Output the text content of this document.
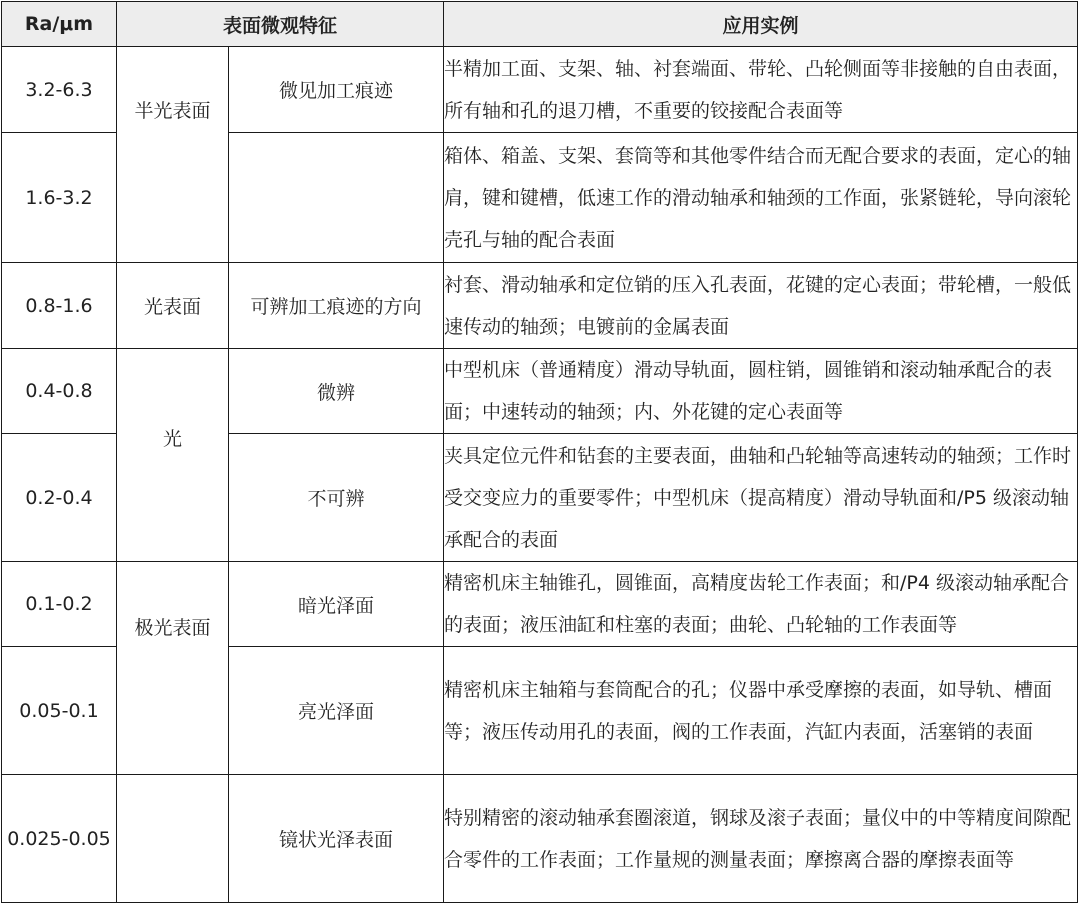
Ra/μm	表面微观特征		应用实例
3.2-6.3	半光表面	微见加工痕迹	半精加工面、支架、轴、衬套端面、带轮、凸轮侧面等非接触的自由表面，所有轴和孔的退刀槽，不重要的铰接配合表面等
1.6-3.2			箱体、箱盖、支架、套筒等和其他零件结合而无配合要求的表面，定心的轴肩，键和键槽，低速工作的滑动轴承和轴颈的工作面，张紧链轮，导向滚轮壳孔与轴的配合表面
0.8-1.6	光表面	可辨加工痕迹的方向	衬套、滑动轴承和定位销的压入孔表面，花键的定心表面；带轮槽，一般低速传动的轴颈；电镀前的金属表面
0.4-0.8	光	微辨	中型机床（普通精度）滑动导轨面，圆柱销，圆锥销和滚动轴承配合的表面；中速转动的轴颈；内、外花键的定心表面等
0.2-0.4		不可辨	夹具定位元件和钻套的主要表面，曲轴和凸轮轴等高速转动的轴颈；工作时受交变应力的重要零件；中型机床（提高精度）滑动导轨面和/P5 级滚动轴承配合的表面
0.1-0.2	极光表面	暗光泽面	精密机床主轴锥孔，圆锥面，高精度齿轮工作表面；和/P4 级滚动轴承配合的表面；液压油缸和柱塞的表面；曲轮、凸轮轴的工作表面等
0.05-0.1		亮光泽面	精密机床主轴箱与套筒配合的孔；仪器中承受摩擦的表面，如导轨、槽面等；液压传动用孔的表面，阀的工作表面，汽缸内表面，活塞销的表面
0.025-0.05		镜状光泽表面	特别精密的滚动轴承套圈滚道，钢球及滚子表面；量仪中的中等精度间隙配合零件的工作表面；工作量规的测量表面；摩擦离合器的摩擦表面等
